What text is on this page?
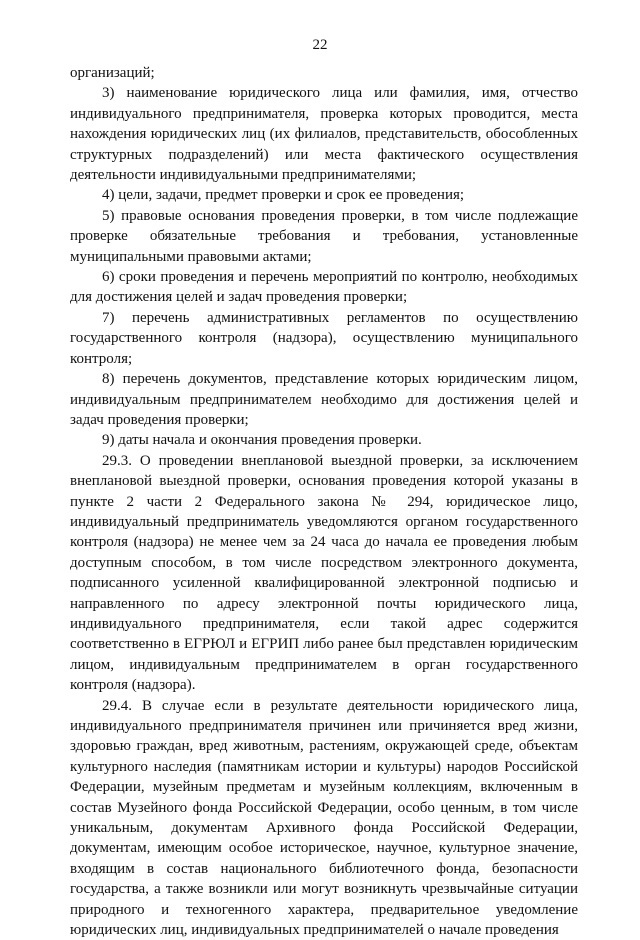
22

организаций;

3) наименование юридического лица или фамилия, имя, отчество индивидуального предпринимателя, проверка которых проводится, места нахождения юридических лиц (их филиалов, представительств, обособленных структурных подразделений) или места фактического осуществления деятельности индивидуальными предпринимателями;

4) цели, задачи, предмет проверки и срок ее проведения;

5) правовые основания проведения проверки, в том числе подлежащие проверке обязательные требования и требования, установленные муниципальными правовыми актами;

6) сроки проведения и перечень мероприятий по контролю, необходимых для достижения целей и задач проведения проверки;

7) перечень административных регламентов по осуществлению государственного контроля (надзора), осуществлению муниципального контроля;

8) перечень документов, представление которых юридическим лицом, индивидуальным предпринимателем необходимо для достижения целей и задач проведения проверки;

9) даты начала и окончания проведения проверки.

29.3. О проведении внеплановой выездной проверки, за исключением внеплановой выездной проверки, основания проведения которой указаны в пункте 2 части 2 Федерального закона № 294, юридическое лицо, индивидуальный предприниматель уведомляются органом государственного контроля (надзора) не менее чем за 24 часа до начала ее проведения любым доступным способом, в том числе посредством электронного документа, подписанного усиленной квалифицированной электронной подписью и направленного по адресу электронной почты юридического лица, индивидуального предпринимателя, если такой адрес содержится соответственно в ЕГРЮЛ и ЕГРИП либо ранее был представлен юридическим лицом, индивидуальным предпринимателем в орган государственного контроля (надзора).

29.4. В случае если в результате деятельности юридического лица, индивидуального предпринимателя причинен или причиняется вред жизни, здоровью граждан, вред животным, растениям, окружающей среде, объектам культурного наследия (памятникам истории и культуры) народов Российской Федерации, музейным предметам и музейным коллекциям, включенным в состав Музейного фонда Российской Федерации, особо ценным, в том числе уникальным, документам Архивного фонда Российской Федерации, документам, имеющим особое историческое, научное, культурное значение, входящим в состав национального библиотечного фонда, безопасности государства, а также возникли или могут возникнуть чрезвычайные ситуации природного и техногенного характера, предварительное уведомление юридических лиц, индивидуальных предпринимателей о начале проведения
